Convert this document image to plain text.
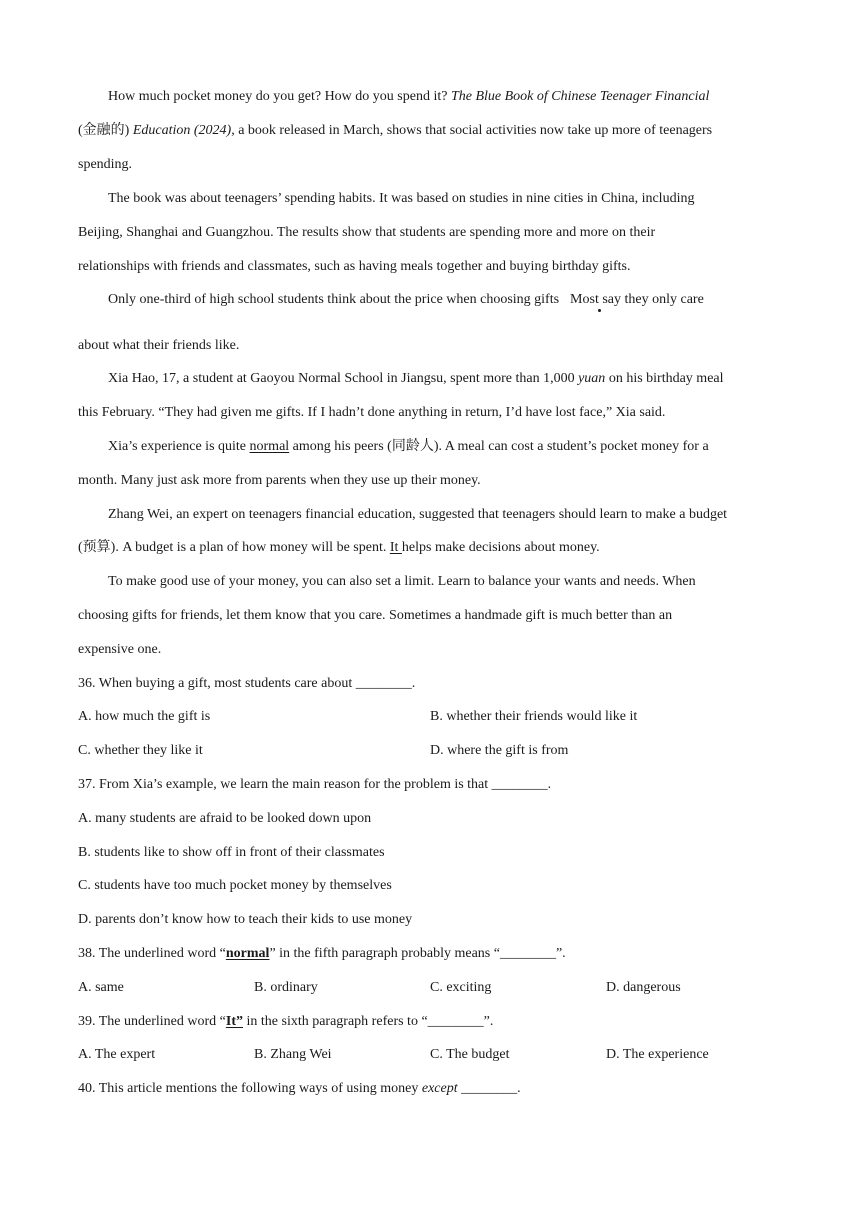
How much pocket money do you get? How do you spend it? The Blue Book of Chinese Teenager Financial
(金融的) Education (2024), a book released in March, shows that social activities now take up more of teenagers
spending.
The book was about teenagers’ spending habits. It was based on studies in nine cities in China, including
Beijing, Shanghai and Guangzhou. The results show that students are spending more and more on their
relationships with friends and classmates, such as having meals together and buying birthday gifts.
Only one-third of high school students think about the price when choosing gifts Most say they only care
about what their friends like.
Xia Hao, 17, a student at Gaoyou Normal School in Jiangsu, spent more than 1,000 yuan on his birthday meal
this February. “They had given me gifts. If I hadn’t done anything in return, I’d have lost face,” Xia said.
Xia’s experience is quite normal among his peers (同龄人). A meal can cost a student’s pocket money for a
month. Many just ask more from parents when they use up their money.
Zhang Wei, an expert on teenagers financial education, suggested that teenagers should learn to make a budget
(预算). A budget is a plan of how money will be spent. It helps make decisions about money.
To make good use of your money, you can also set a limit. Learn to balance your wants and needs. When
choosing gifts for friends, let them know that you care. Sometimes a handmade gift is much better than an
expensive one.
36. When buying a gift, most students care about ________.
A. how much the gift is	B. whether their friends would like it
C. whether they like it	D. where the gift is from
37. From Xia’s example, we learn the main reason for the problem is that ________.
A. many students are afraid to be looked down upon
B. students like to show off in front of their classmates
C. students have too much pocket money by themselves
D. parents don’t know how to teach their kids to use money
38. The underlined word “normal” in the fifth paragraph probably means “________”.
A. same	B. ordinary	C. exciting	D. dangerous
39. The underlined word “It” in the sixth paragraph refers to “________”.
A. The expert	B. Zhang Wei	C. The budget	D. The experience
40. This article mentions the following ways of using money except ________.
